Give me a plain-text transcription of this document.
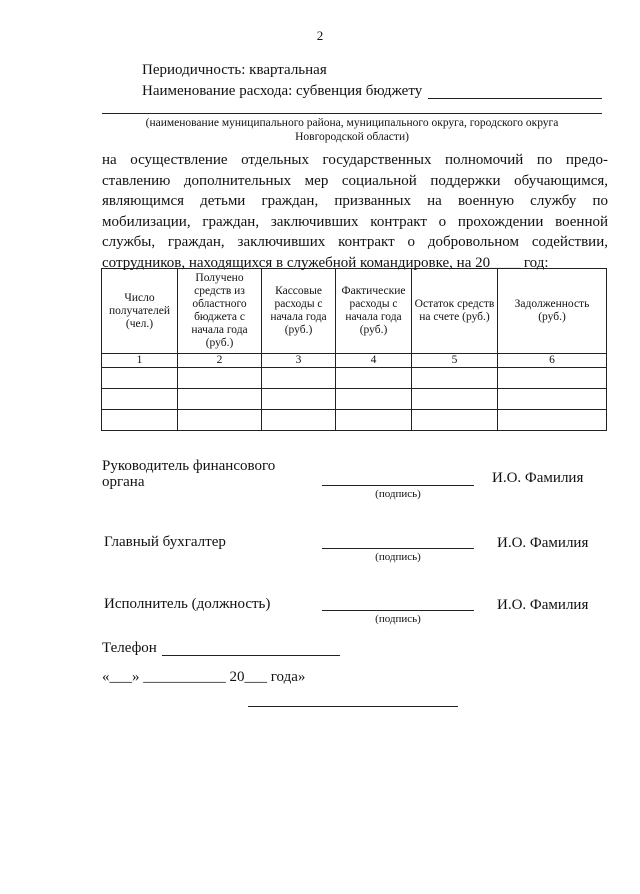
2
Периодичность: квартальная
Наименование расхода: субвенция бюджету
(наименование муниципального района, муниципального округа, городского округа
Новгородской области)
на осуществление отдельных государственных полномочий по предо-
ставлению дополнительных мер социальной поддержки обучающимся,
являющимся детьми граждан, призванных на военную службу по
мобилизации, граждан, заключивших контракт о прохождении военной
службы, граждан, заключивших контракт о добровольном содействии,
сотрудников, находящихся в служебной командировке, на 20____ год:
Число получателей (чел.)	Получено средств из областного бюджета с начала года (руб.)	Кассовые расходы с начала года (руб.)	Фактические расходы с начала года (руб.)	Остаток средств на счете (руб.)	Задолженность (руб.)
1	2	3	4	5	6

Руководитель финансового
органа
(подпись)
И.О. Фамилия
Главный бухгалтер
(подпись)
И.О. Фамилия
Исполнитель (должность)
(подпись)
И.О. Фамилия
Телефон
«___» ___________ 20___ года»
